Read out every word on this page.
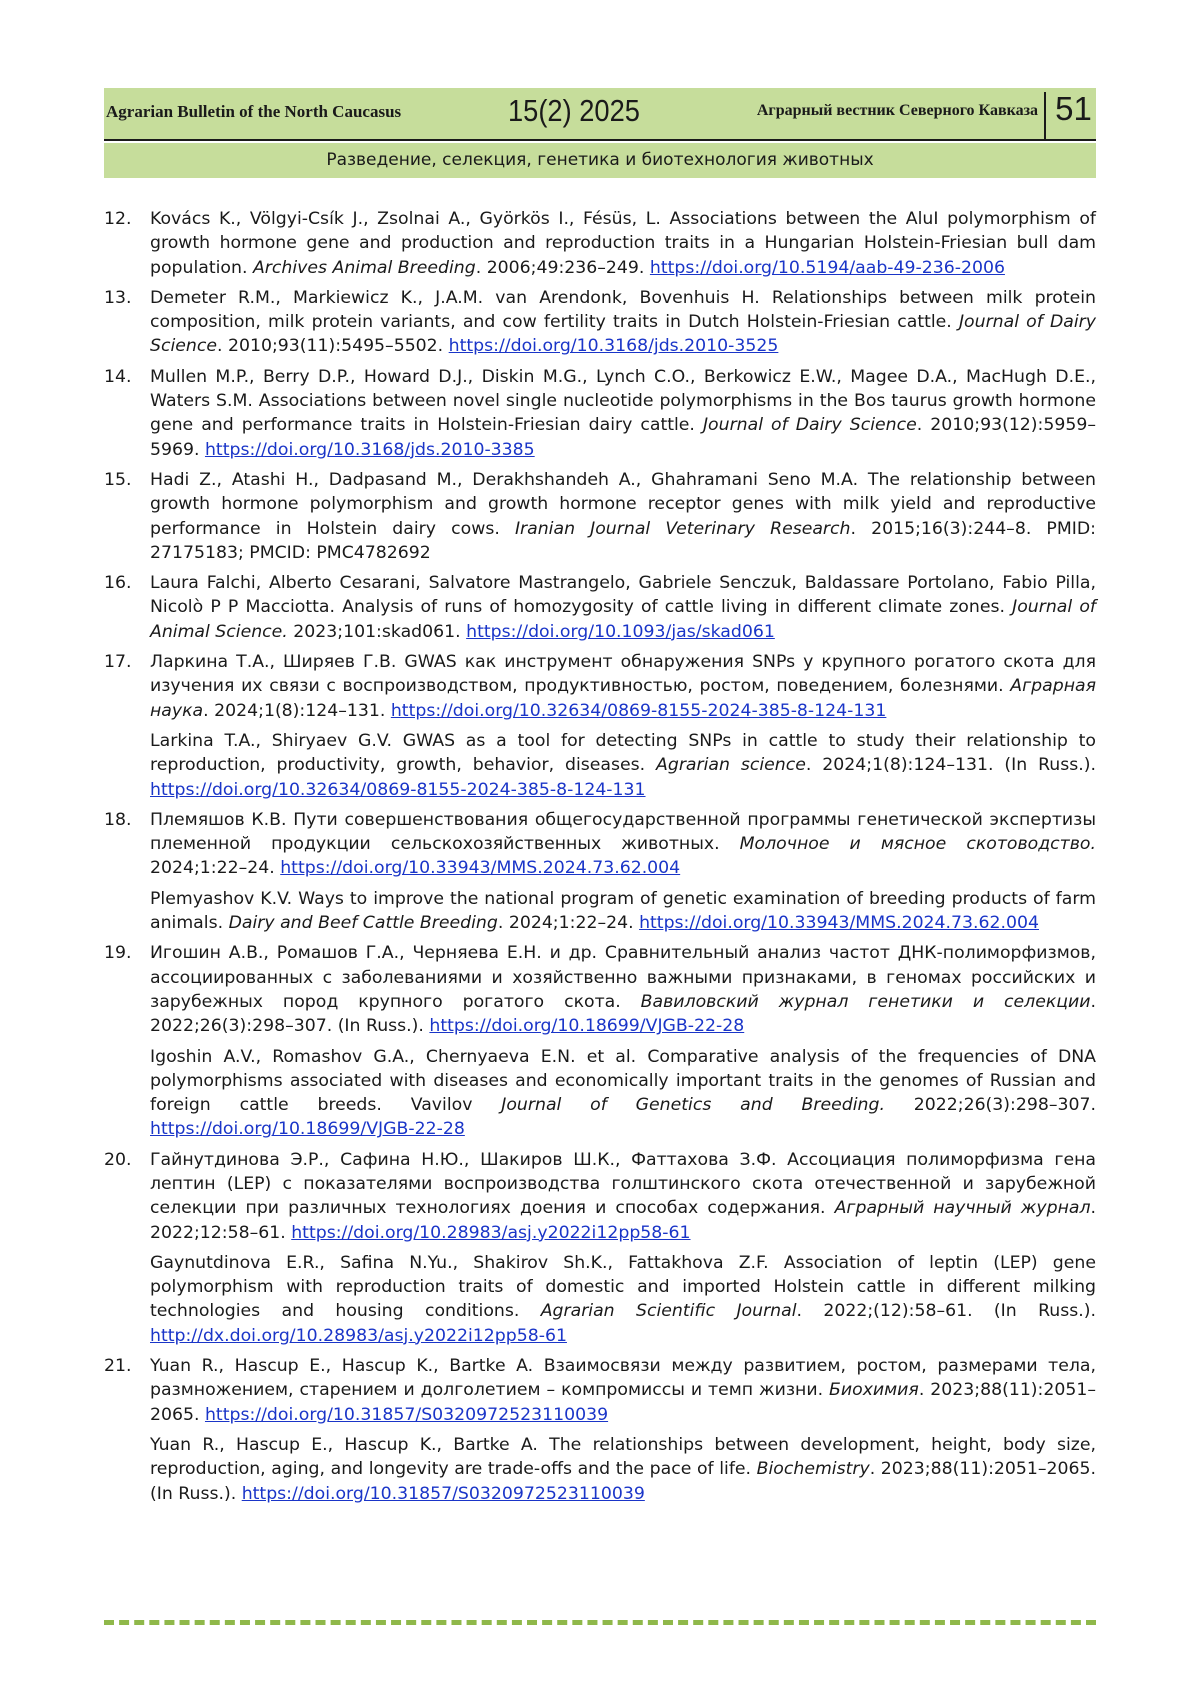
Agrarian Bulletin of the North Caucasus	15(2) 2025	Аграрный вестник Северного Кавказа 51
Разведение, селекция, генетика и биотехнология животных
12.	Kovács K., Völgyi-Csík J., Zsolnai A., Györkös I., Fésüs, L. Associations between the AluI polymorphism of growth hormone gene and production and reproduction traits in a Hungarian Holstein-Friesian bull dam population. Archives Animal Breeding. 2006;49:236–249. https://doi.org/10.5194/aab-49-236-2006

13.	Demeter R.M., Markiewicz K., J.A.M. van Arendonk, Bovenhuis H. Relationships between milk protein composition, milk protein variants, and cow fertility traits in Dutch Holstein-Friesian cattle. Journal of Dairy Science. 2010;93(11):5495–5502. https://doi.org/10.3168/jds.2010-3525

14.	Mullen M.P., Berry D.P., Howard D.J., Diskin M.G., Lynch C.O., Berkowicz E.W., Magee D.A., MacHugh D.E., Waters S.M. Associations between novel single nucleotide polymorphisms in the Bos taurus growth hormone gene and performance traits in Holstein-Friesian dairy cattle. Journal of Dairy Science. 2010;93(12):5959–5969. https://doi.org/10.3168/jds.2010-3385

15.	Hadi Z., Atashi H., Dadpasand M., Derakhshandeh A., Ghahramani Seno M.A. The relationship between growth hormone polymorphism and growth hormone receptor genes with milk yield and reproductive performance in Holstein dairy cows. Iranian Journal Veterinary Research. 2015;16(3):244–8. PMID: 27175183; PMCID: PMC4782692

16.	Laura Falchi, Alberto Cesarani, Salvatore Mastrangelo, Gabriele Senczuk, Baldassare Portolano, Fabio Pilla, Nicolò P P Macciotta. Analysis of runs of homozygosity of cattle living in different climate zones. Journal of Animal Science. 2023;101:skad061. https://doi.org/10.1093/jas/skad061

17.	Ларкина Т.А., Ширяев Г.В. GWAS как инструмент обнаружения SNPs у крупного рогатого скота для изучения их связи с воспроизводством, продуктивностью, ростом, поведением, болезнями. Аграрная наука. 2024;1(8):124–131. https://doi.org/10.32634/0869-8155-2024-385-8-124-131

Larkina T.A., Shiryaev G.V. GWAS as a tool for detecting SNPs in cattle to study their relationship to reproduction, productivity, growth, behavior, diseases. Agrarian science. 2024;1(8):124–131. (In Russ.). https://doi.org/10.32634/0869-8155-2024-385-8-124-131

18.	Племяшов К.В. Пути совершенствования общегосударственной программы генетической экспертизы племенной продукции сельскохозяйственных животных. Молочное и мясное скотоводство. 2024;1:22–24. https://doi.org/10.33943/MMS.2024.73.62.004

Plemyashov K.V. Ways to improve the national program of genetic examination of breeding products of farm animals. Dairy and Beef Cattle Breeding. 2024;1:22–24. https://doi.org/10.33943/MMS.2024.73.62.004

19.	Игошин А.В., Ромашов Г.А., Черняева Е.Н. и др. Сравнительный анализ частот ДНК-полиморфизмов, ассоциированных с заболеваниями и хозяйственно важными признаками, в геномах российских и зарубежных пород крупного рогатого скота. Вавиловский журнал генетики и селекции. 2022;26(3):298–307. (In Russ.). https://doi.org/10.18699/VJGB-22-28

Igoshin A.V., Romashov G.A., Chernyaeva E.N. et al. Comparative analysis of the frequencies of DNA polymorphisms associated with diseases and economically important traits in the genomes of Russian and foreign cattle breeds. Vavilov Journal of Genetics and Breeding. 2022;26(3):298–307. https://doi.org/10.18699/VJGB-22-28

20.	Гайнутдинова Э.Р., Сафина Н.Ю., Шакиров Ш.К., Фаттахова З.Ф. Ассоциация полиморфизма гена лептин (LEP) с показателями воспроизводства голштинского скота отечественной и зарубежной селекции при различных технологиях доения и способах содержания. Аграрный научный журнал. 2022;12:58–61. https://doi.org/10.28983/asj.y2022i12pp58-61

Gaynutdinova E.R., Safina N.Yu., Shakirov Sh.K., Fattakhova Z.F. Association of leptin (LEP) gene polymorphism with reproduction traits of domestic and imported Holstein cattle in different milking technologies and housing conditions. Agrarian Scientific Journal. 2022;(12):58–61. (In Russ.). http://dx.doi.org/10.28983/asj.y2022i12pp58-61

21.	Yuan R., Hascup E., Hascup K., Bartke A. Взаимосвязи между развитием, ростом, размерами тела, размножением, старением и долголетием – компромиссы и темп жизни. Биохимия. 2023;88(11):2051–2065. https://doi.org/10.31857/S0320972523110039

Yuan R., Hascup E., Hascup K., Bartke A. The relationships between development, height, body size, reproduction, aging, and longevity are trade-offs and the pace of life. Biochemistry. 2023;88(11):2051–2065. (In Russ.). https://doi.org/10.31857/S0320972523110039
